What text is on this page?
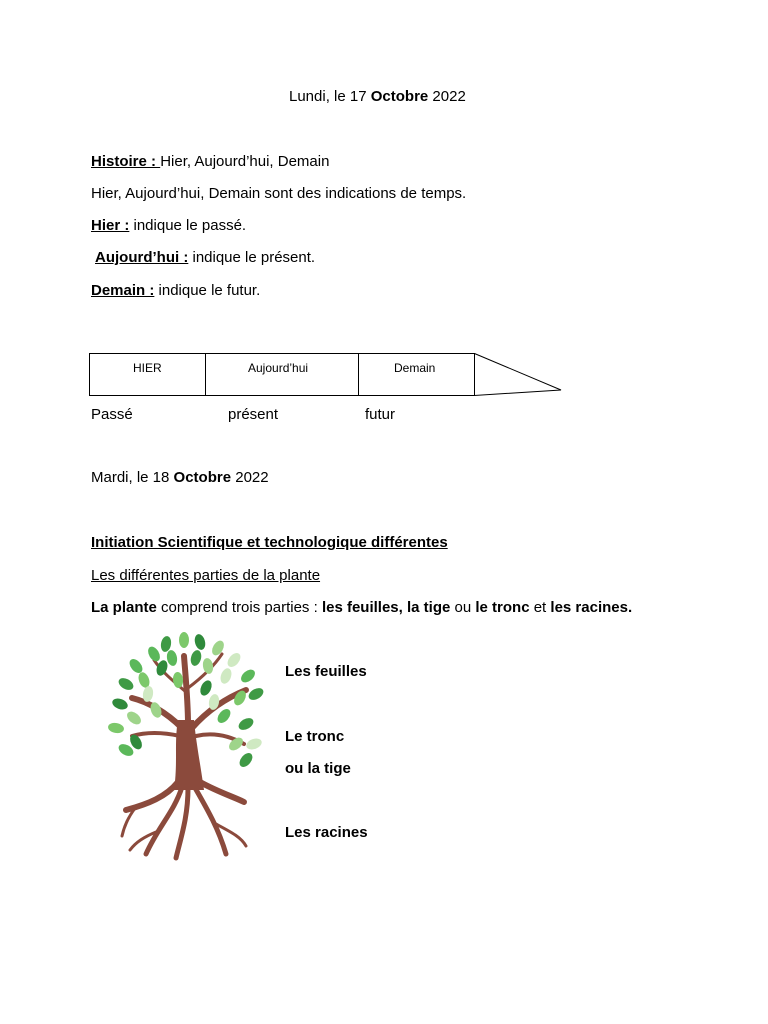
Lundi, le 17 Octobre 2022
Histoire : Hier, Aujourd’hui, Demain
Hier, Aujourd’hui, Demain sont des indications de temps.
Hier : indique le passé.
Aujourd’hui : indique le présent.
Demain : indique le futur.
HIER	Aujourd’hui	Demain
Passé	présent	futur
Mardi, le 18 Octobre 2022
Initiation Scientifique et technologique différentes
Les différentes parties de la plante
La plante comprend trois parties : les feuilles, la tige ou le tronc et les racines.
Les feuilles
Le tronc
ou la tige
Les racines
